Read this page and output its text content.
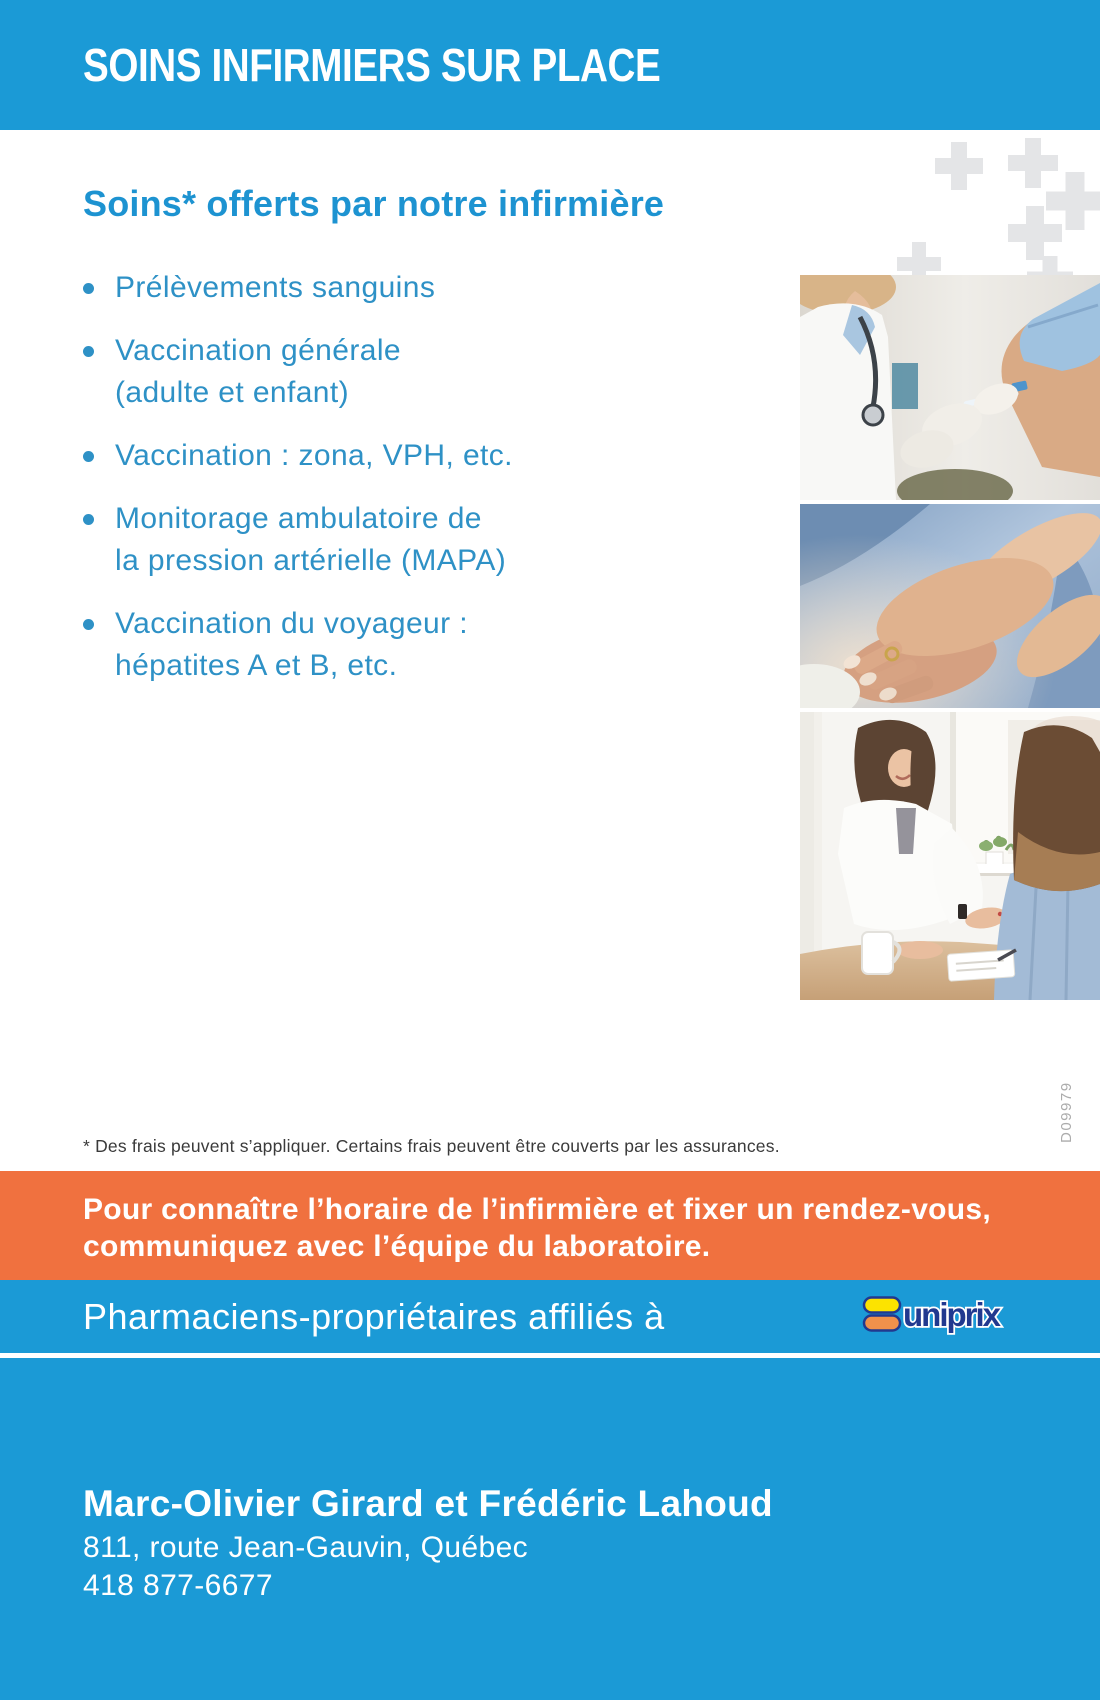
SOINS INFIRMIERS SUR PLACE
Soins* offerts par notre infirmière
Prélèvements sanguins
Vaccination générale
(adulte et enfant)
Vaccination : zona, VPH, etc.
Monitorage ambulatoire de
la pression artérielle (MAPA)
Vaccination du voyageur :
hépatites A et B, etc.
* Des frais peuvent s’appliquer. Certains frais peuvent être couverts par les assurances.
D09979
Pour connaître l’horaire de l’infirmière et fixer un rendez-vous,
communiquez avec l’équipe du laboratoire.
Pharmaciens-propriétaires affiliés à	uniprix
Marc-Olivier Girard et Frédéric Lahoud
811, route Jean-Gauvin, Québec
418 877-6677
